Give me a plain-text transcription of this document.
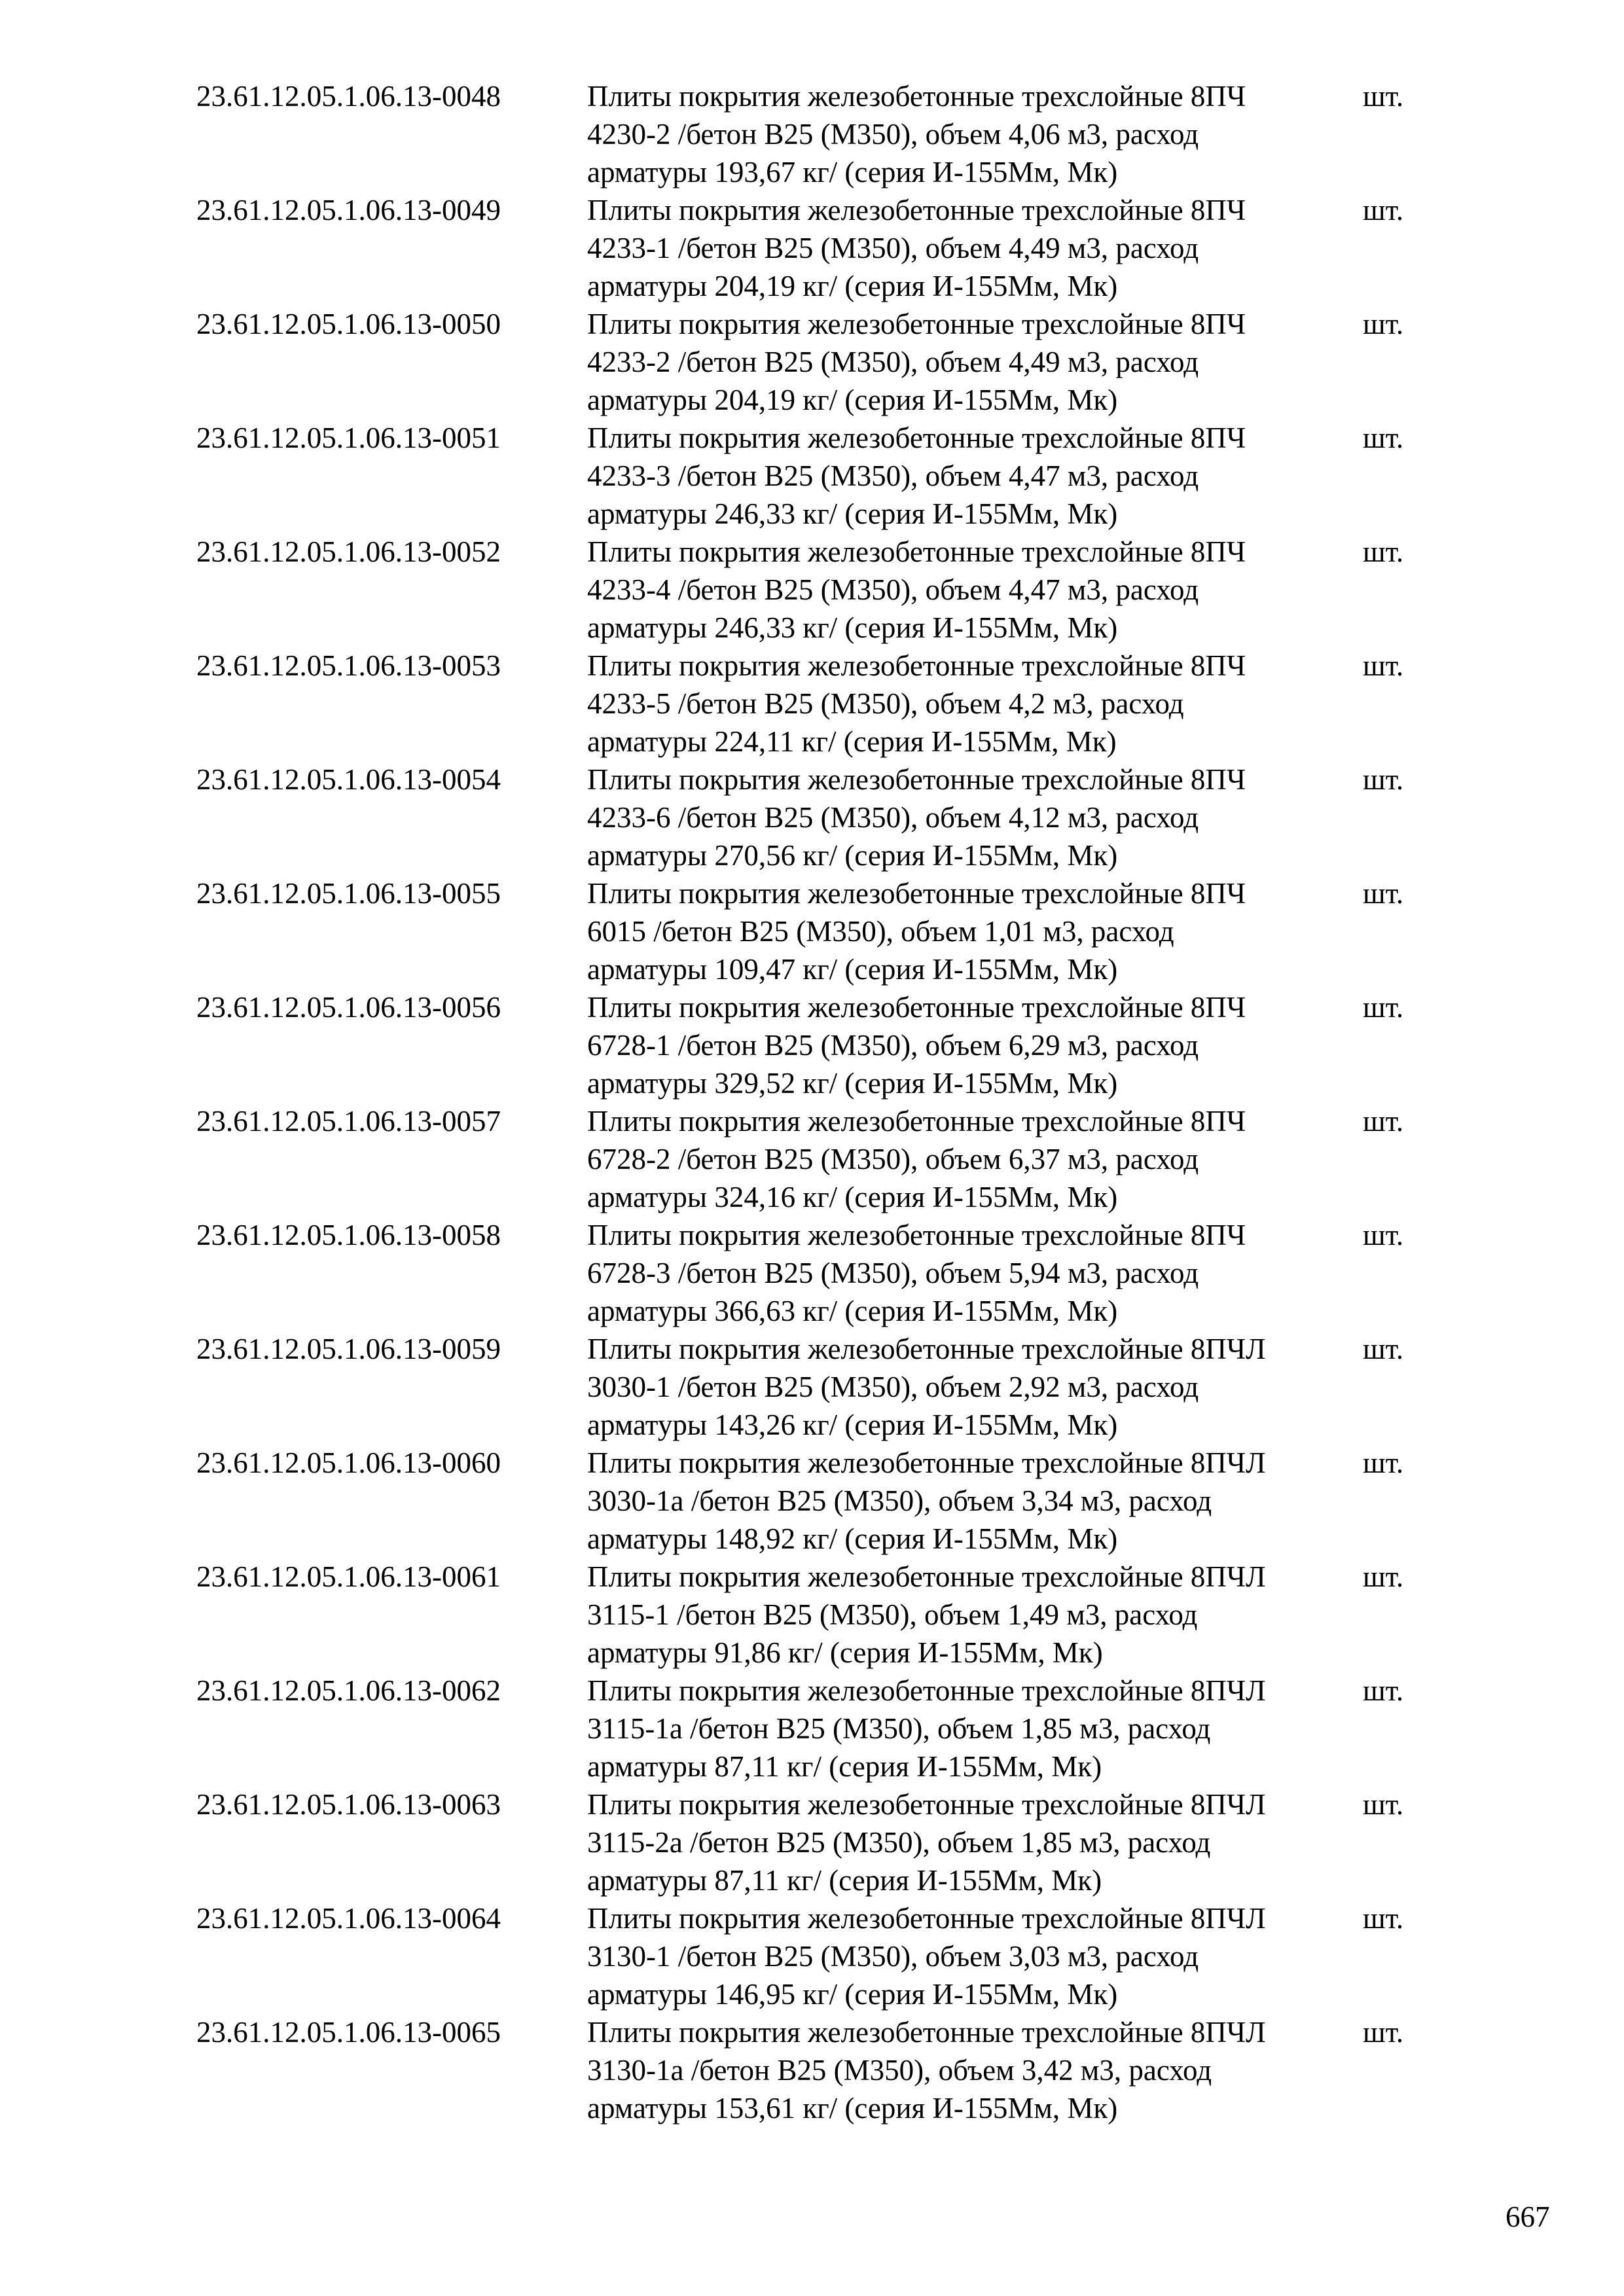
23.61.12.05.1.06.13-0048	Плиты покрытия железобетонные трехслойные 8ПЧ
4230-2 /бетон В25 (М350), объем 4,06 м3, расход
арматуры 193,67 кг/ (серия И-155Мм, Мк)
шт.
23.61.12.05.1.06.13-0049	Плиты покрытия железобетонные трехслойные 8ПЧ
4233-1 /бетон В25 (М350), объем 4,49 м3, расход
арматуры 204,19 кг/ (серия И-155Мм, Мк)
шт.
23.61.12.05.1.06.13-0050	Плиты покрытия железобетонные трехслойные 8ПЧ
4233-2 /бетон В25 (М350), объем 4,49 м3, расход
арматуры 204,19 кг/ (серия И-155Мм, Мк)
шт.
23.61.12.05.1.06.13-0051	Плиты покрытия железобетонные трехслойные 8ПЧ
4233-3 /бетон В25 (М350), объем 4,47 м3, расход
арматуры 246,33 кг/ (серия И-155Мм, Мк)
шт.
23.61.12.05.1.06.13-0052	Плиты покрытия железобетонные трехслойные 8ПЧ
4233-4 /бетон В25 (М350), объем 4,47 м3, расход
арматуры 246,33 кг/ (серия И-155Мм, Мк)
шт.
23.61.12.05.1.06.13-0053	Плиты покрытия железобетонные трехслойные 8ПЧ
4233-5 /бетон В25 (М350), объем 4,2 м3, расход
арматуры 224,11 кг/ (серия И-155Мм, Мк)
шт.
23.61.12.05.1.06.13-0054	Плиты покрытия железобетонные трехслойные 8ПЧ
4233-6 /бетон В25 (М350), объем 4,12 м3, расход
арматуры 270,56 кг/ (серия И-155Мм, Мк)
шт.
23.61.12.05.1.06.13-0055	Плиты покрытия железобетонные трехслойные 8ПЧ
6015 /бетон В25 (М350), объем 1,01 м3, расход
арматуры 109,47 кг/ (серия И-155Мм, Мк)
шт.
23.61.12.05.1.06.13-0056	Плиты покрытия железобетонные трехслойные 8ПЧ
6728-1 /бетон В25 (М350), объем 6,29 м3, расход
арматуры 329,52 кг/ (серия И-155Мм, Мк)
шт.
23.61.12.05.1.06.13-0057	Плиты покрытия железобетонные трехслойные 8ПЧ
6728-2 /бетон В25 (М350), объем 6,37 м3, расход
арматуры 324,16 кг/ (серия И-155Мм, Мк)
шт.
23.61.12.05.1.06.13-0058	Плиты покрытия железобетонные трехслойные 8ПЧ
6728-3 /бетон В25 (М350), объем 5,94 м3, расход
арматуры 366,63 кг/ (серия И-155Мм, Мк)
шт.
23.61.12.05.1.06.13-0059	Плиты покрытия железобетонные трехслойные 8ПЧЛ
3030-1 /бетон В25 (М350), объем 2,92 м3, расход
арматуры 143,26 кг/ (серия И-155Мм, Мк)
шт.
23.61.12.05.1.06.13-0060	Плиты покрытия железобетонные трехслойные 8ПЧЛ
3030-1а /бетон В25 (М350), объем 3,34 м3, расход
арматуры 148,92 кг/ (серия И-155Мм, Мк)
шт.
23.61.12.05.1.06.13-0061	Плиты покрытия железобетонные трехслойные 8ПЧЛ
3115-1 /бетон В25 (М350), объем 1,49 м3, расход
арматуры 91,86 кг/ (серия И-155Мм, Мк)
шт.
23.61.12.05.1.06.13-0062	Плиты покрытия железобетонные трехслойные 8ПЧЛ
3115-1а /бетон В25 (М350), объем 1,85 м3, расход
арматуры 87,11 кг/ (серия И-155Мм, Мк)
шт.
23.61.12.05.1.06.13-0063	Плиты покрытия железобетонные трехслойные 8ПЧЛ
3115-2а /бетон В25 (М350), объем 1,85 м3, расход
арматуры 87,11 кг/ (серия И-155Мм, Мк)
шт.
23.61.12.05.1.06.13-0064	Плиты покрытия железобетонные трехслойные 8ПЧЛ
3130-1 /бетон В25 (М350), объем 3,03 м3, расход
арматуры 146,95 кг/ (серия И-155Мм, Мк)
шт.
23.61.12.05.1.06.13-0065	Плиты покрытия железобетонные трехслойные 8ПЧЛ
3130-1а /бетон В25 (М350), объем 3,42 м3, расход
арматуры 153,61 кг/ (серия И-155Мм, Мк)
шт.
667
